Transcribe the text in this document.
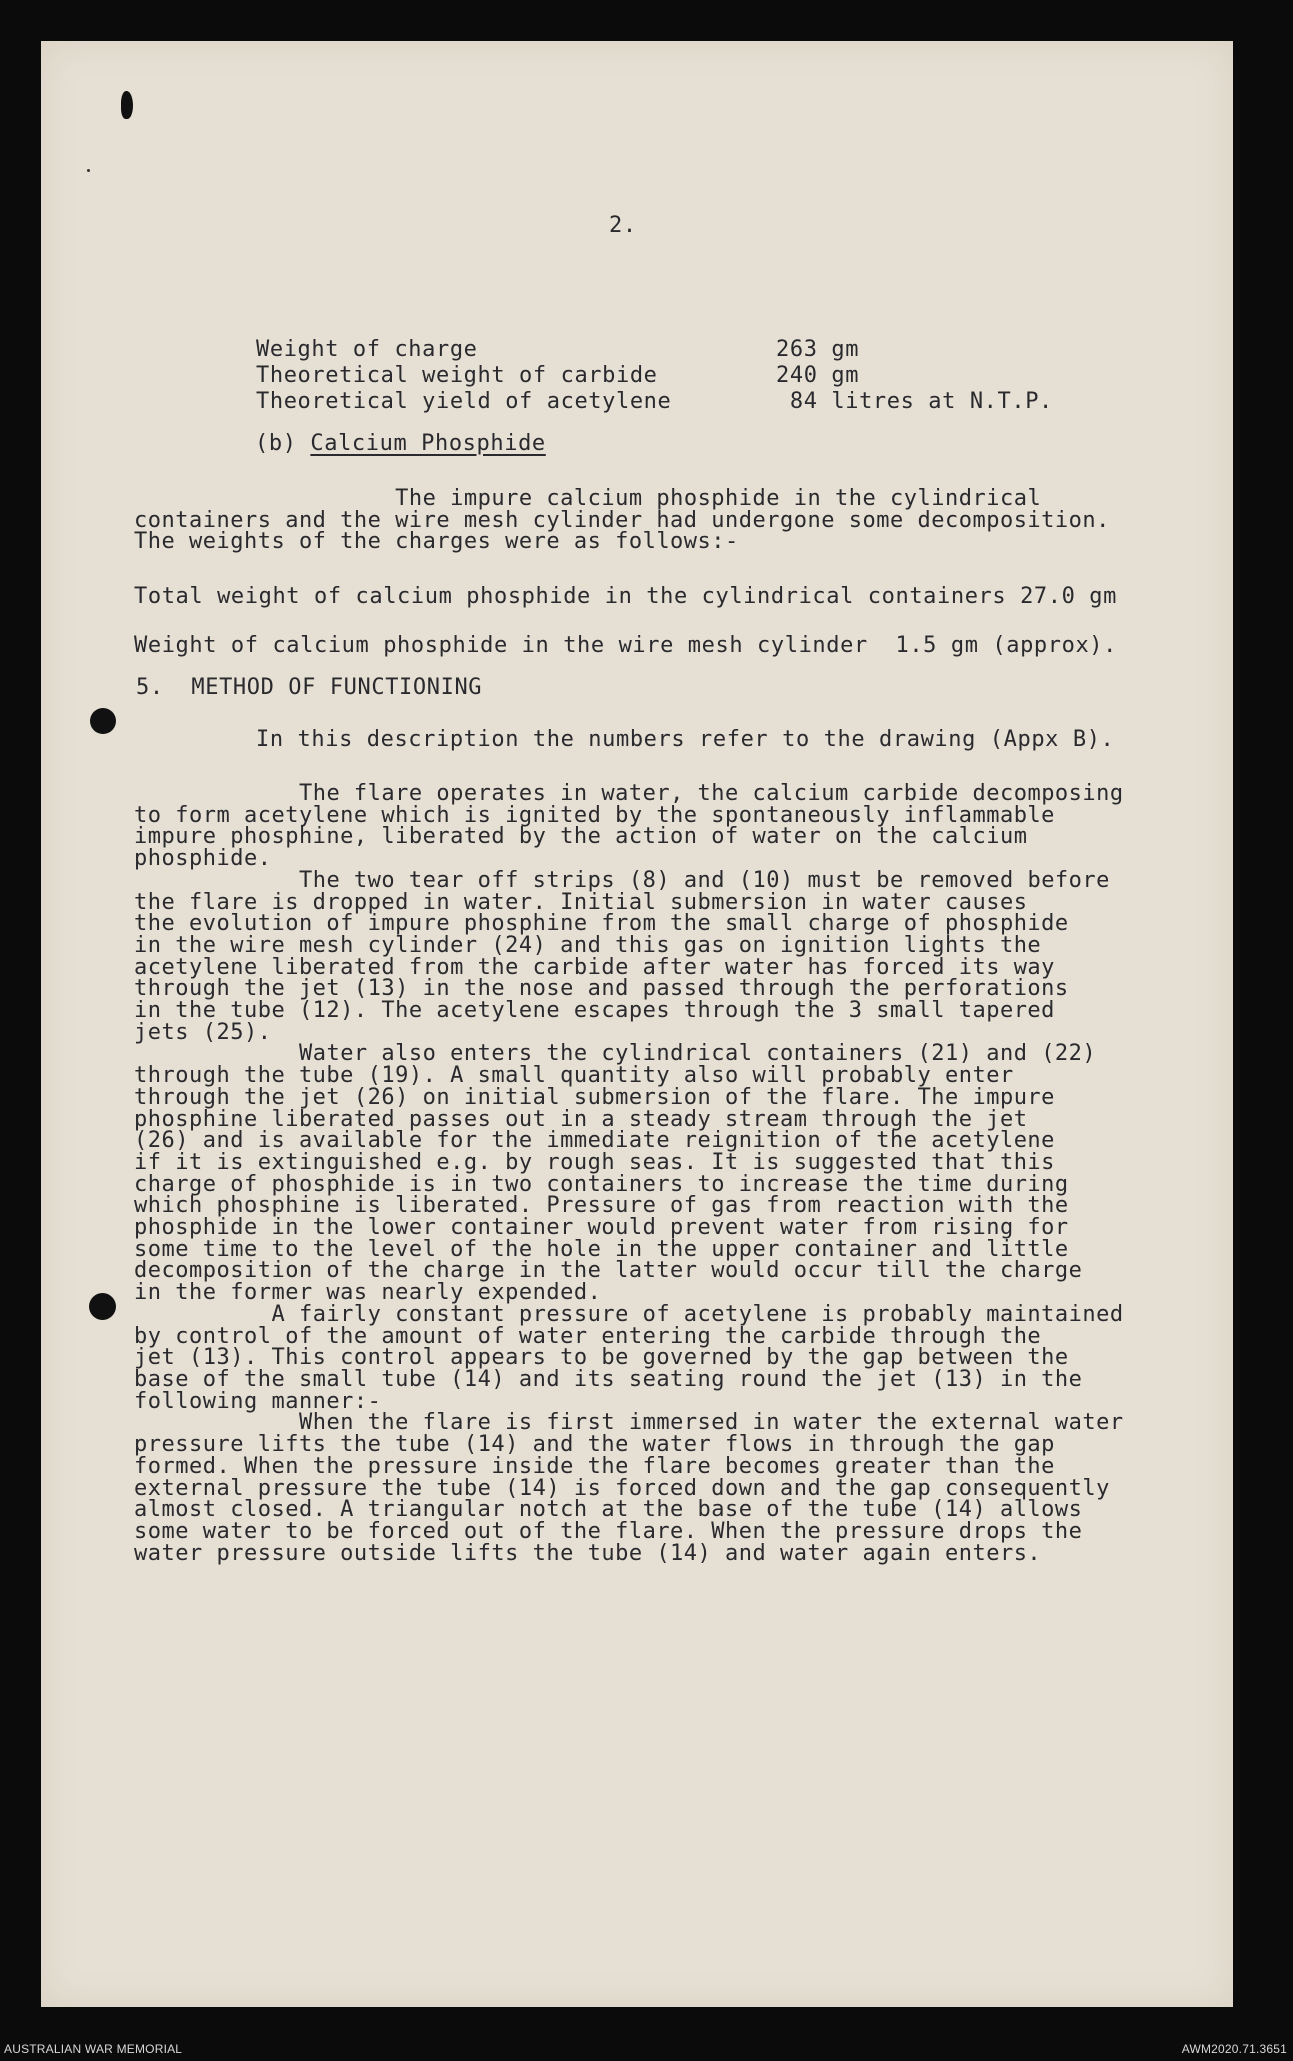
2.
Weight of charge	263 gm
Theoretical weight of carbide	240 gm
Theoretical yield of acetylene	84 litres at N.T.P.
(b) Calcium Phosphide
The impure calcium phosphide in the cylindrical
containers and the wire mesh cylinder had undergone some decomposition.
The weights of the charges were as follows:-
Total weight of calcium phosphide in the cylindrical containers 27.0 gm
Weight of calcium phosphide in the wire mesh cylinder  1.5 gm (approx).
5.  METHOD OF FUNCTIONING
In this description the numbers refer to the drawing (Appx B).
The flare operates in water, the calcium carbide decomposing
to form acetylene which is ignited by the spontaneously inflammable
impure phosphine, liberated by the action of water on the calcium
phosphide.
The two tear off strips (8) and (10) must be removed before
the flare is dropped in water. Initial submersion in water causes
the evolution of impure phosphine from the small charge of phosphide
in the wire mesh cylinder (24) and this gas on ignition lights the
acetylene liberated from the carbide after water has forced its way
through the jet (13) in the nose and passed through the perforations
in the tube (12). The acetylene escapes through the 3 small tapered
jets (25).
Water also enters the cylindrical containers (21) and (22)
through the tube (19). A small quantity also will probably enter
through the jet (26) on initial submersion of the flare. The impure
phosphine liberated passes out in a steady stream through the jet
(26) and is available for the immediate reignition of the acetylene
if it is extinguished e.g. by rough seas. It is suggested that this
charge of phosphide is in two containers to increase the time during
which phosphine is liberated. Pressure of gas from reaction with the
phosphide in the lower container would prevent water from rising for
some time to the level of the hole in the upper container and little
decomposition of the charge in the latter would occur till the charge
in the former was nearly expended.
A fairly constant pressure of acetylene is probably maintained
by control of the amount of water entering the carbide through the
jet (13). This control appears to be governed by the gap between the
base of the small tube (14) and its seating round the jet (13) in the
following manner:-
When the flare is first immersed in water the external water
pressure lifts the tube (14) and the water flows in through the gap
formed. When the pressure inside the flare becomes greater than the
external pressure the tube (14) is forced down and the gap consequently
almost closed. A triangular notch at the base of the tube (14) allows
some water to be forced out of the flare. When the pressure drops the
water pressure outside lifts the tube (14) and water again enters.
AUSTRALIAN WAR MEMORIAL	AWM2020.71.3651
